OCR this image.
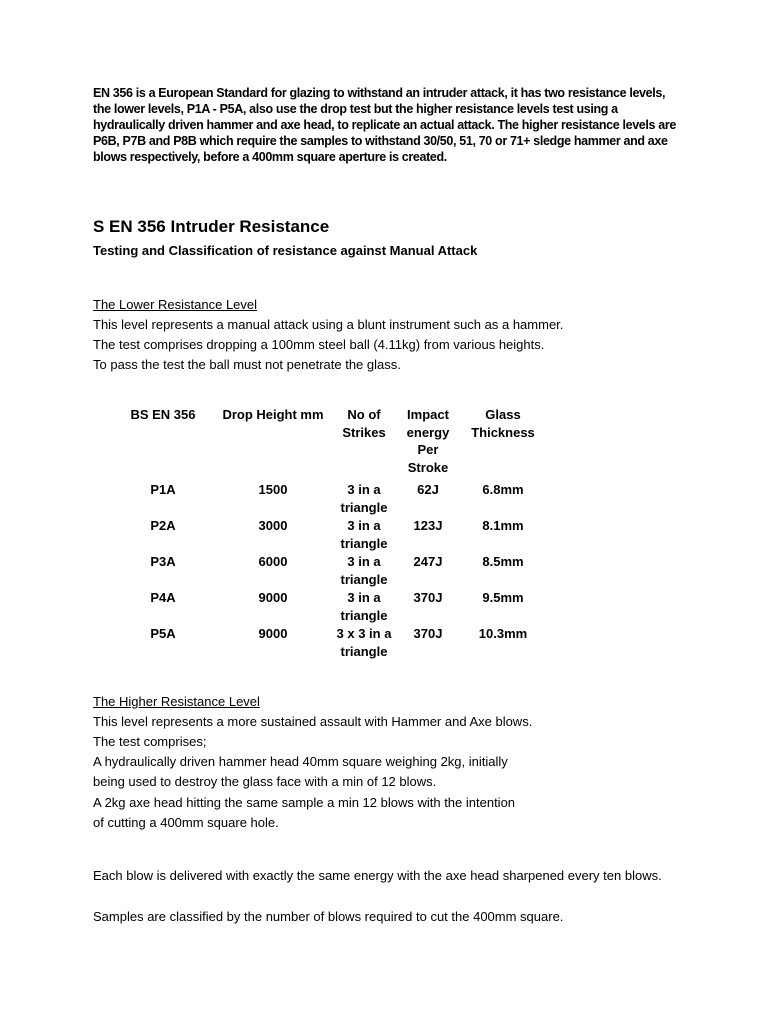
EN 356 is a European Standard for glazing to withstand an intruder attack, it has two resistance levels, the lower levels, P1A - P5A, also use the drop test but the higher resistance levels test using a hydraulically driven hammer and axe head, to replicate an actual attack. The higher resistance levels are P6B, P7B and P8B which require the samples to withstand 30/50, 51, 70 or 71+ sledge hammer and axe blows respectively, before a 400mm square aperture is created.

S EN 356 Intruder Resistance
Testing and Classification of resistance against Manual Attack

The Lower Resistance Level

This level represents a manual attack using a blunt instrument such as a hammer.

The test comprises dropping a 100mm steel ball (4.11kg) from various heights.

To pass the test the ball must not penetrate the glass.

BS EN 356	Drop Height mm	No of Strikes	Impact energy Per Stroke	Glass Thickness
P1A	1500	3 in a triangle	62J	6.8mm
P2A	3000	3 in a triangle	123J	8.1mm
P3A	6000	3 in a triangle	247J	8.5mm
P4A	9000	3 in a triangle	370J	9.5mm
P5A	9000	3 x 3 in a triangle	370J	10.3mm

The Higher Resistance Level

This level represents a more sustained assault with Hammer and Axe blows.

The test comprises;

A hydraulically driven hammer head 40mm square weighing 2kg, initially

being used to destroy the glass face with a min of 12 blows.

A 2kg axe head hitting the same sample a min 12 blows with the intention

of cutting a 400mm square hole.

Each blow is delivered with exactly the same energy with the axe head sharpened every ten blows.

Samples are classified by the number of blows required to cut the 400mm square.
